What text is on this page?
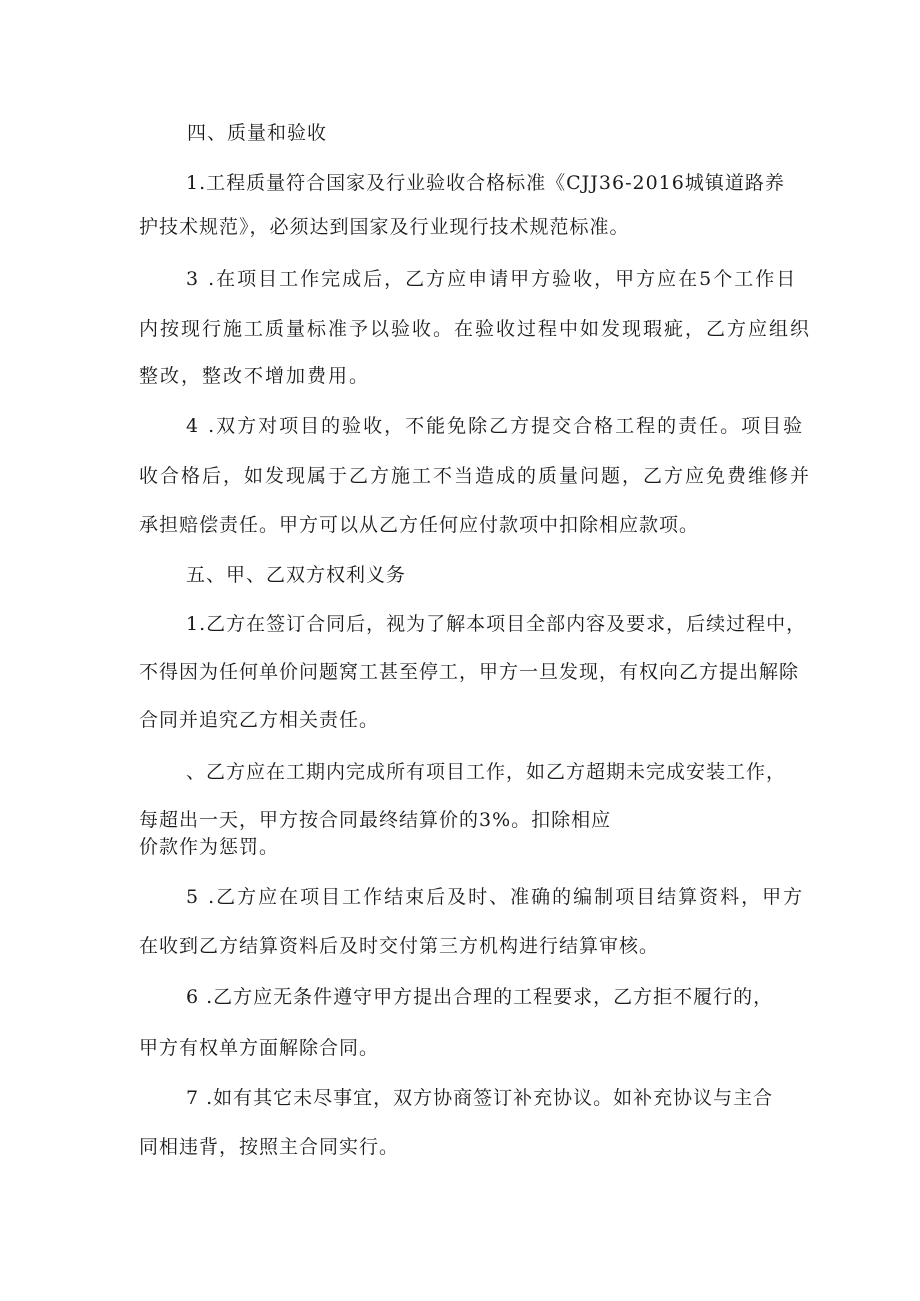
四、质量和验收
1.工程质量符合国家及行业验收合格标准《CJJ36-2016城镇道路养
护技术规范》，必须达到国家及行业现行技术规范标准。
3 .在项目工作完成后，乙方应申请甲方验收，甲方应在5个工作日
内按现行施工质量标准予以验收。在验收过程中如发现瑕疵，乙方应组织
整改，整改不增加费用。
4 .双方对项目的验收，不能免除乙方提交合格工程的责任。项目验
收合格后，如发现属于乙方施工不当造成的质量问题，乙方应免费维修并
承担赔偿责任。甲方可以从乙方任何应付款项中扣除相应款项。
五、甲、乙双方权利义务
1.乙方在签订合同后，视为了解本项目全部内容及要求，后续过程中，
不得因为任何单价问题窝工甚至停工，甲方一旦发现，有权向乙方提出解除
合同并追究乙方相关责任。
、乙方应在工期内完成所有项目工作，如乙方超期未完成安装工作，
每超出一天，甲方按合同最终结算价的3%。扣除相应
价款作为惩罚。
5 .乙方应在项目工作结束后及时、准确的编制项目结算资料，甲方
在收到乙方结算资料后及时交付第三方机构进行结算审核。
6 .乙方应无条件遵守甲方提出合理的工程要求，乙方拒不履行的，
甲方有权单方面解除合同。
7 .如有其它未尽事宜，双方协商签订补充协议。如补充协议与主合
同相违背，按照主合同实行。
